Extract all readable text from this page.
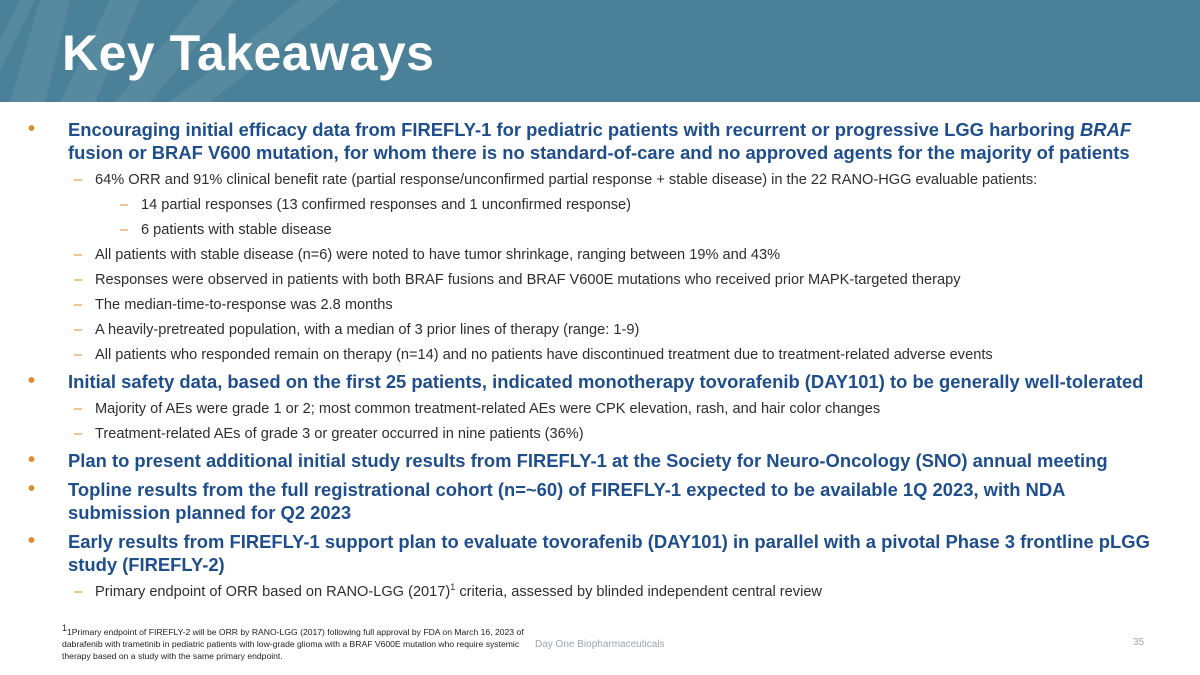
Key Takeaways
• Encouraging initial efficacy data from FIREFLY-1 for pediatric patients with recurrent or progressive LGG harboring BRAF fusion or BRAF V600 mutation, for whom there is no standard-of-care and no approved agents for the majority of patients
– 64% ORR and 91% clinical benefit rate (partial response/unconfirmed partial response + stable disease) in the 22 RANO-HGG evaluable patients:
– 14 partial responses (13 confirmed responses and 1 unconfirmed response)
– 6 patients with stable disease
– All patients with stable disease (n=6) were noted to have tumor shrinkage, ranging between 19% and 43%
– Responses were observed in patients with both BRAF fusions and BRAF V600E mutations who received prior MAPK-targeted therapy
– The median-time-to-response was 2.8 months
– A heavily-pretreated population, with a median of 3 prior lines of therapy (range: 1-9)
– All patients who responded remain on therapy (n=14) and no patients have discontinued treatment due to treatment-related adverse events
• Initial safety data, based on the first 25 patients, indicated monotherapy tovorafenib (DAY101) to be generally well-tolerated
– Majority of AEs were grade 1 or 2; most common treatment-related AEs were CPK elevation, rash, and hair color changes
– Treatment-related AEs of grade 3 or greater occurred in nine patients (36%)
• Plan to present additional initial study results from FIREFLY-1 at the Society for Neuro-Oncology (SNO) annual meeting
• Topline results from the full registrational cohort (n=~60) of FIREFLY-1 expected to be available 1Q 2023, with NDA submission planned for Q2 2023
• Early results from FIREFLY-1 support plan to evaluate tovorafenib (DAY101) in parallel with a pivotal Phase 3 frontline pLGG study (FIREFLY-2)
– Primary endpoint of ORR based on RANO-LGG $(2017)^1$ criteria, assessed by blinded independent central review
$^1$1Primary endpoint of FIREFLY-2 will be ORR by RANO-LGG (2017) following full approval by FDA on March 16, 2023 of dabrafenib with trametinib in pediatric patients with low-grade glioma with a BRAF V600E mutation who require systemic therapy based on a study with the same primary endpoint.
Day One Biopharmaceuticals	35
